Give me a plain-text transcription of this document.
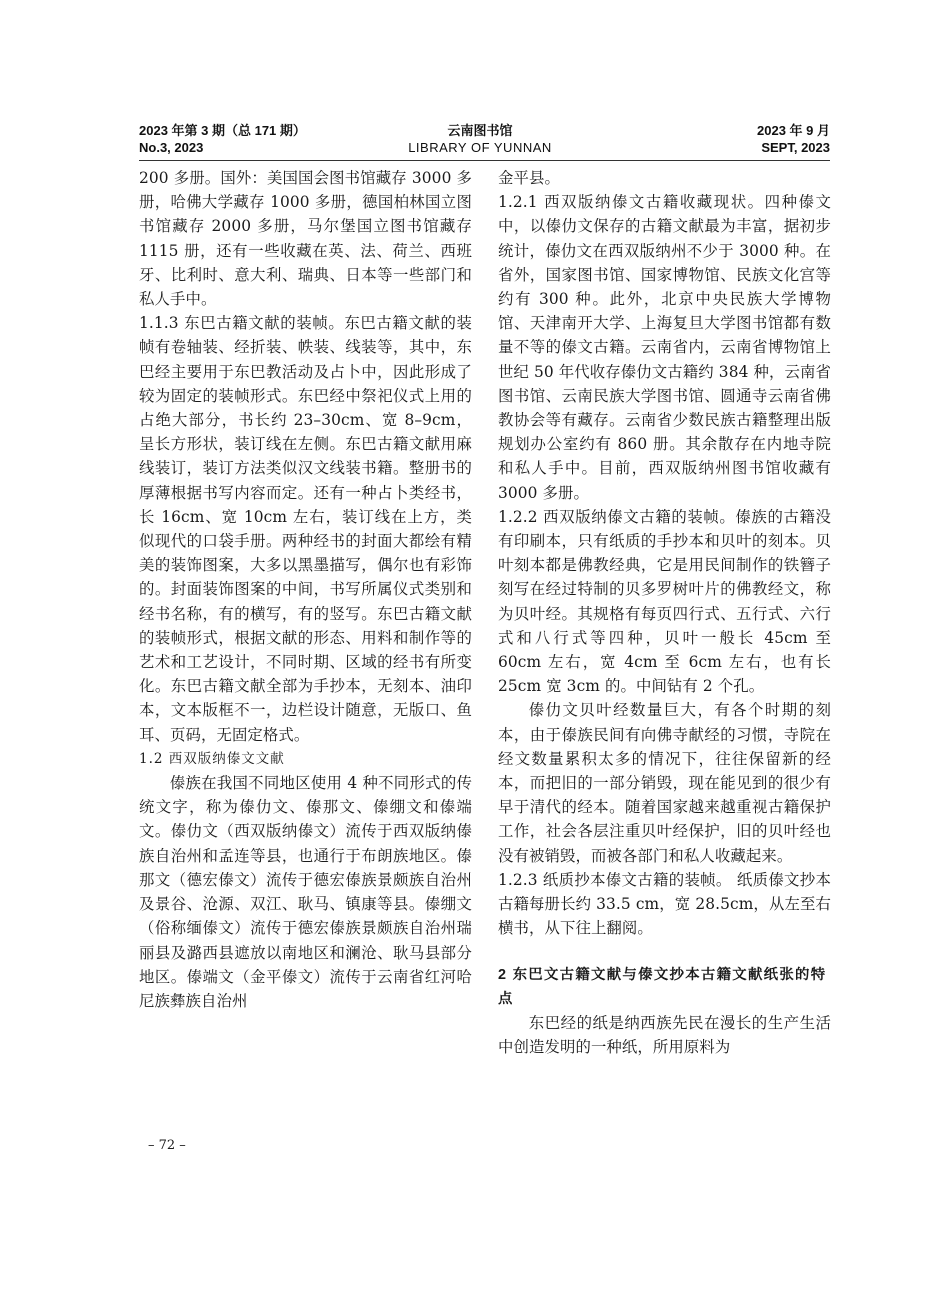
2023 年第 3 期（总 171 期）
No.3, 2023
云南图书馆
LIBRARY OF YUNNAN
2023 年 9 月
SEPT, 2023

200 多册。国外：美国国会图书馆藏存 3000 多册，哈佛大学藏存 1000 多册，德国柏林国立图书馆藏存 2000 多册，马尔堡国立图书馆藏存 1115 册，还有一些收藏在英、法、荷兰、西班牙、比利时、意大利、瑞典、日本等一些部门和私人手中。

1.1.3 东巴古籍文献的装帧。东巴古籍文献的装帧有卷轴装、经折装、帙装、线装等，其中，东巴经主要用于东巴教活动及占卜中，因此形成了较为固定的装帧形式。东巴经中祭祀仪式上用的占绝大部分，书长约 23–30cm、宽 8–9cm，呈长方形状，装订线在左侧。东巴古籍文献用麻线装订，装订方法类似汉文线装书籍。整册书的厚薄根据书写内容而定。还有一种占卜类经书，长 16cm、宽 10cm 左右，装订线在上方，类似现代的口袋手册。两种经书的封面大都绘有精美的装饰图案，大多以黑墨描写，偶尔也有彩饰的。封面装饰图案的中间，书写所属仪式类别和经书名称，有的横写，有的竖写。东巴古籍文献的装帧形式，根据文献的形态、用料和制作等的艺术和工艺设计，不同时期、区域的经书有所变化。东巴古籍文献全部为手抄本，无刻本、油印本，文本版框不一，边栏设计随意，无版口、鱼耳、页码，无固定格式。

1.2 西双版纳傣文文献

傣族在我国不同地区使用 4 种不同形式的传统文字，称为傣仂文、傣那文、傣绷文和傣端文。傣仂文（西双版纳傣文）流传于西双版纳傣族自治州和孟连等县，也通行于布朗族地区。傣那文（德宏傣文）流传于德宏傣族景颇族自治州及景谷、沧源、双江、耿马、镇康等县。傣绷文（俗称缅傣文）流传于德宏傣族景颇族自治州瑞丽县及潞西县遮放以南地区和澜沧、耿马县部分地区。傣端文（金平傣文）流传于云南省红河哈尼族彝族自治州

金平县。

1.2.1 西双版纳傣文古籍收藏现状。四种傣文中，以傣仂文保存的古籍文献最为丰富，据初步统计，傣仂文在西双版纳州不少于 3000 种。在省外，国家图书馆、国家博物馆、民族文化宫等约有 300 种。此外，北京中央民族大学博物馆、天津南开大学、上海复旦大学图书馆都有数量不等的傣文古籍。云南省内，云南省博物馆上世纪 50 年代收存傣仂文古籍约 384 种，云南省图书馆、云南民族大学图书馆、圆通寺云南省佛教协会等有藏存。云南省少数民族古籍整理出版规划办公室约有 860 册。其余散存在内地寺院和私人手中。目前，西双版纳州图书馆收藏有 3000 多册。

1.2.2 西双版纳傣文古籍的装帧。傣族的古籍没有印刷本，只有纸质的手抄本和贝叶的刻本。贝叶刻本都是佛教经典，它是用民间制作的铁簪子刻写在经过特制的贝多罗树叶片的佛教经文，称为贝叶经。其规格有每页四行式、五行式、六行式和八行式等四种，贝叶一般长 45cm 至 60cm 左右，宽 4cm 至 6cm 左右，也有长 25cm 宽 3cm 的。中间钻有 2 个孔。

傣仂文贝叶经数量巨大，有各个时期的刻本，由于傣族民间有向佛寺献经的习惯，寺院在经文数量累积太多的情况下，往往保留新的经本，而把旧的一部分销毁，现在能见到的很少有早于清代的经本。随着国家越来越重视古籍保护工作，社会各层注重贝叶经保护，旧的贝叶经也没有被销毁，而被各部门和私人收藏起来。

1.2.3 纸质抄本傣文古籍的装帧。 纸质傣文抄本古籍每册长约 33.5 cm，宽 28.5cm，从左至右横书，从下往上翻阅。

2 东巴文古籍文献与傣文抄本古籍文献纸张的特点

东巴经的纸是纳西族先民在漫长的生产生活中创造发明的一种纸，所用原料为

– 72 –
